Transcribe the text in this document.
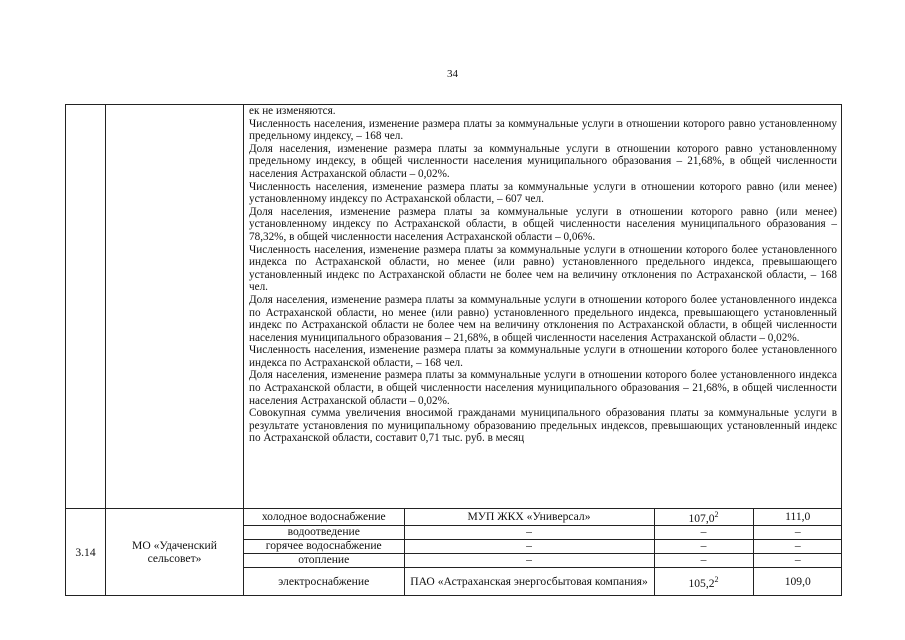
34

ек не изменяются.

Численность населения, изменение размера платы за коммунальные услуги в отношении которого равно установленному предельному индексу, – 168 чел.

Доля населения, изменение размера платы за коммунальные услуги в отношении которого равно установленному предельному индексу, в общей численности населения муниципального образования – 21,68%, в общей численности населения Астраханской области – 0,02%.

Численность населения, изменение размера платы за коммунальные услуги в отношении которого равно (или менее) установленному индексу по Астраханской области, – 607 чел.

Доля населения, изменение размера платы за коммунальные услуги в отношении которого равно (или менее) установленному индексу по Астраханской области, в общей численности населения муниципального образования – 78,32%, в общей численности населения Астраханской области – 0,06%.

Численность населения, изменение размера платы за коммунальные услуги в отношении которого более установленного индекса по Астраханской области, но менее (или равно) установленного предельного индекса, превышающего установленный индекс по Астраханской области не более чем на величину отклонения по Астраханской области, – 168 чел.

Доля населения, изменение размера платы за коммунальные услуги в отношении которого более установленного индекса по Астраханской области, но менее (или равно) установленного предельного индекса, превышающего установленный индекс по Астраханской области не более чем на величину отклонения по Астраханской области, в общей численности населения муниципального образования – 21,68%, в общей численности населения Астраханской области – 0,02%.

Численность населения, изменение размера платы за коммунальные услуги в отношении которого более установленного индекса по Астраханской области, – 168 чел.

Доля населения, изменение размера платы за коммунальные услуги в отношении которого более установленного индекса по Астраханской области, в общей численности населения муниципального образования – 21,68%, в общей численности населения Астраханской области – 0,02%.

Совокупная сумма увеличения вносимой гражданами муниципального образования платы за коммунальные услуги в результате установления по муниципальному образованию предельных индексов, превышающих установленный индекс по Астраханской области, составит 0,71 тыс. руб. в месяц

3.14	МО «Удаченский сельсовет»	
холодное водоснабжение	МУП ЖКХ «Универсал»	107,0$^2$	111,0
водоотведение	–	–	–
горячее водоснабжение	–	–	–
отопление	–	–	–
электроснабжение	ПАО «Астраханская энергосбытовая компания»	105,2$^2$	109,0
